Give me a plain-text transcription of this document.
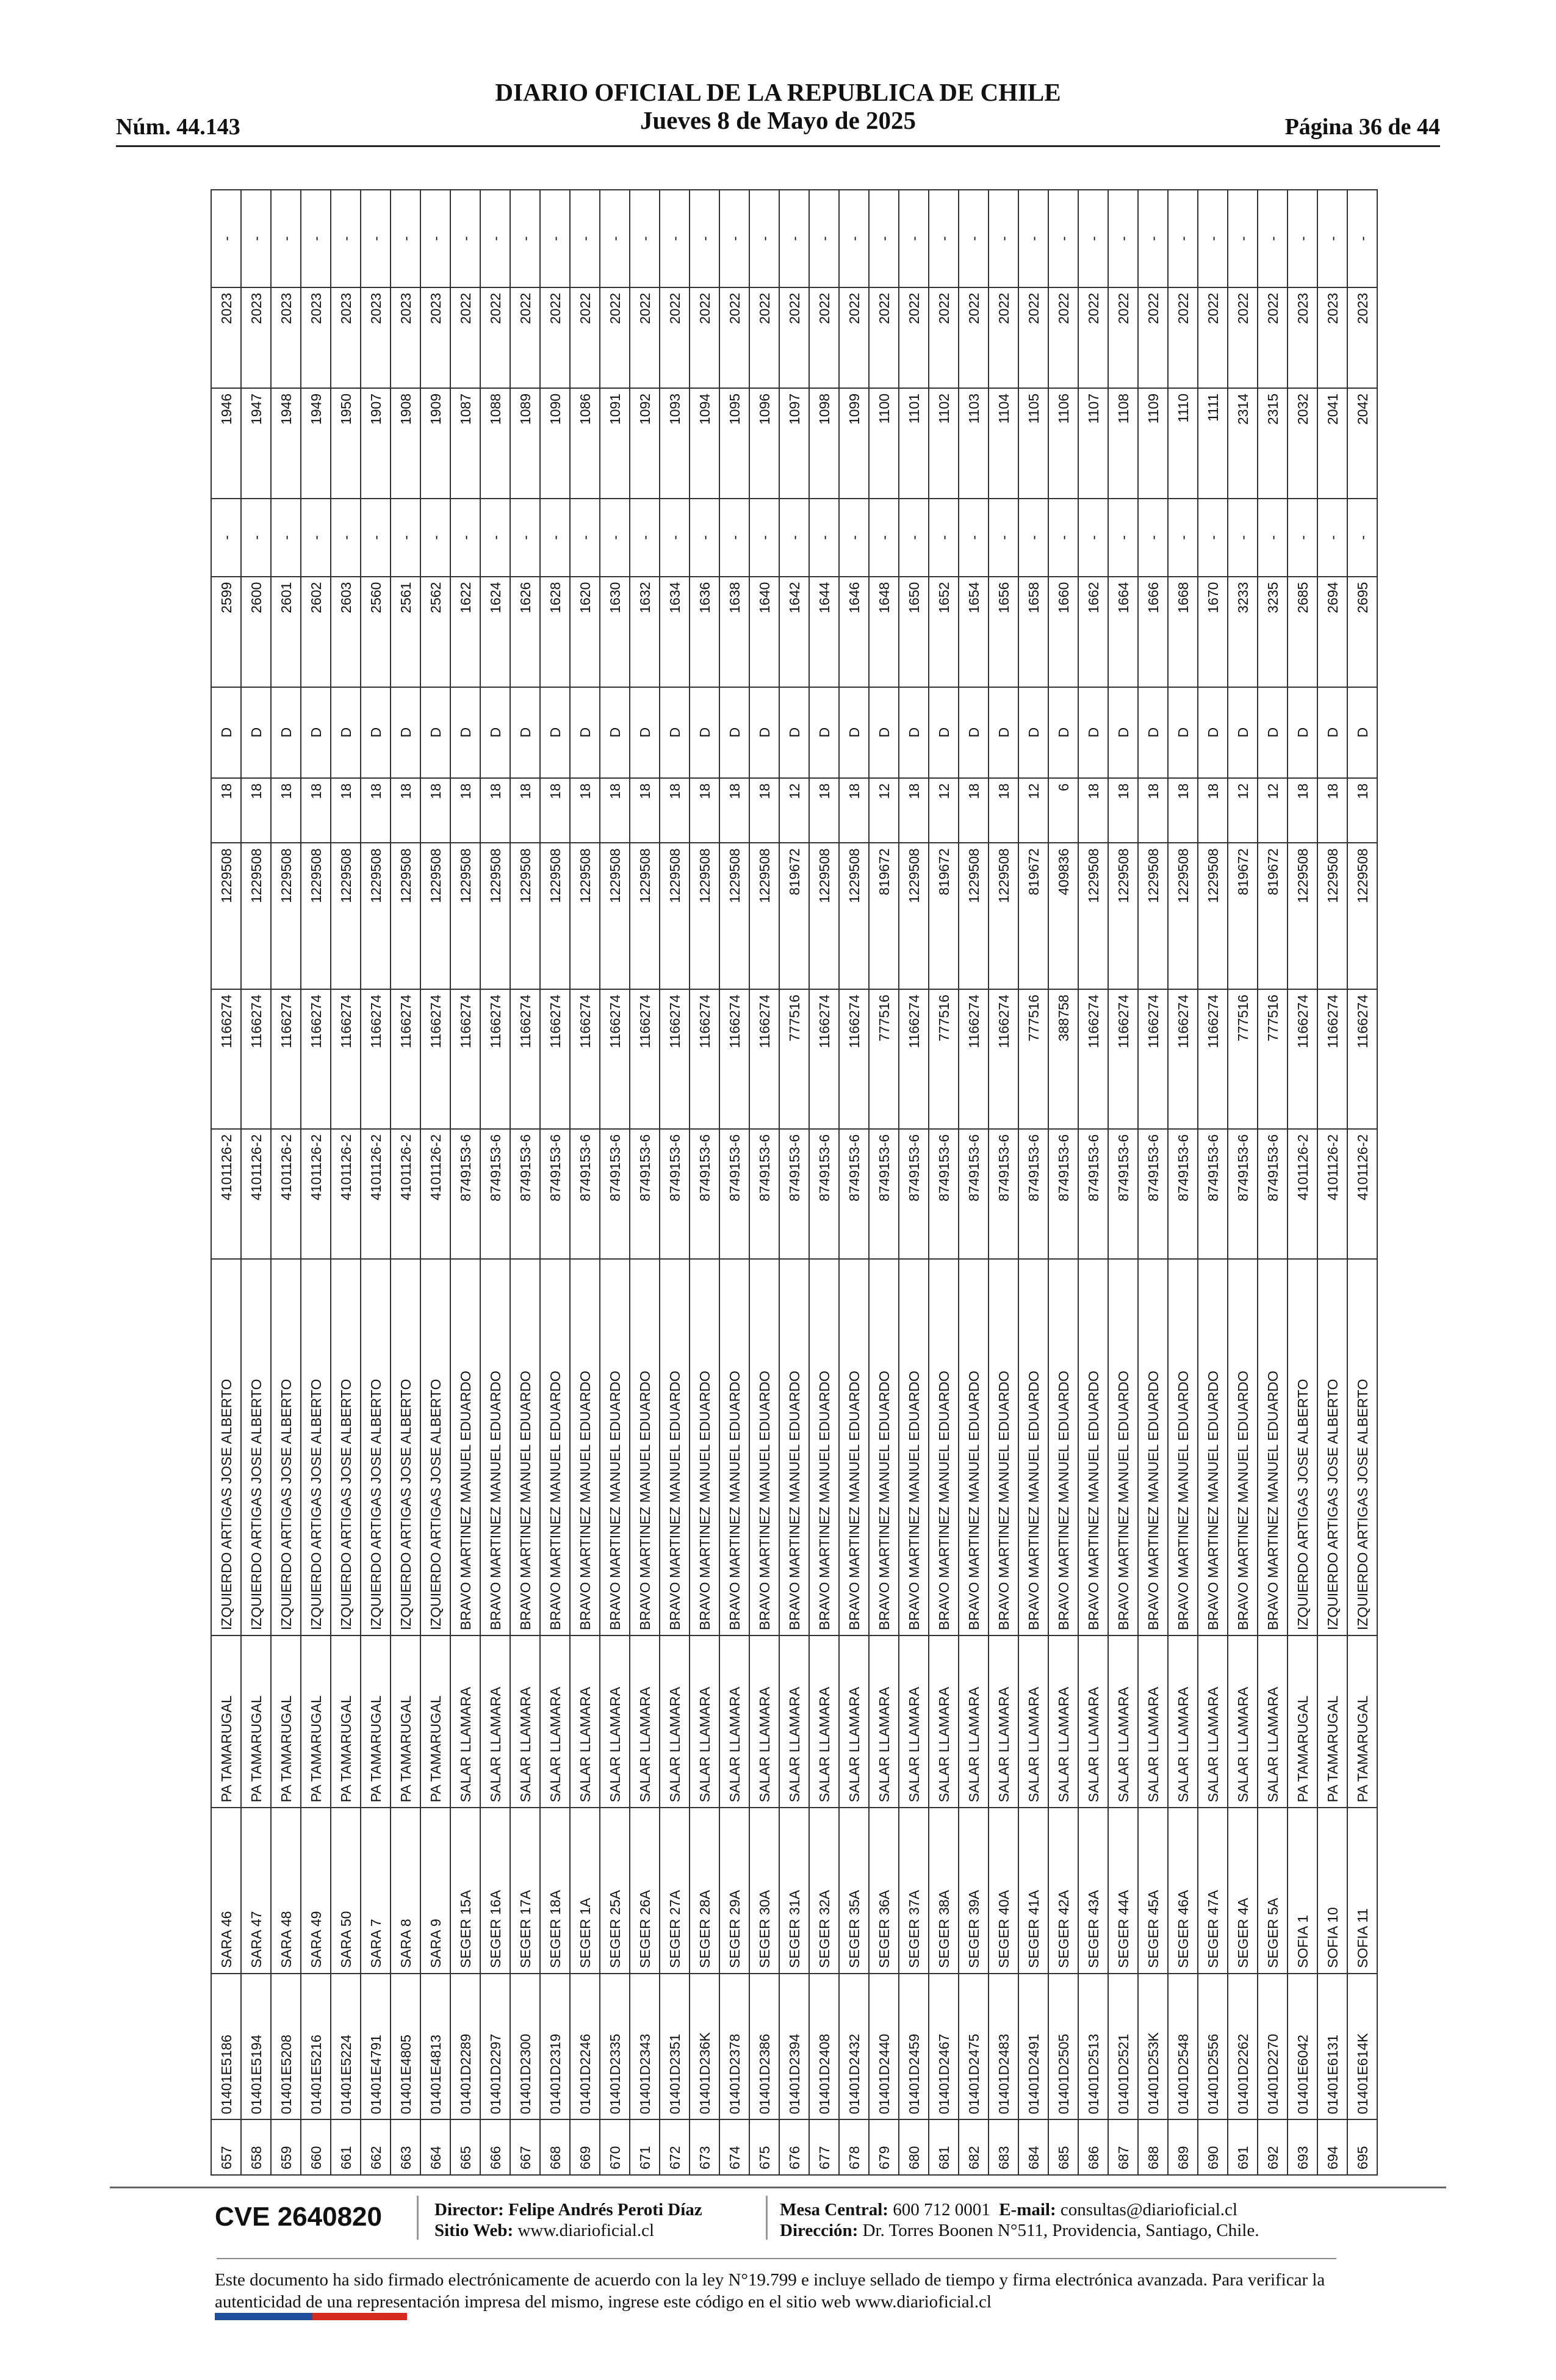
Núm. 44.143
DIARIO OFICIAL DE LA REPUBLICA DE CHILE
Jueves 8 de Mayo de 2025	Página 36 de 44
657	01401E5186	SARA 46	PA TAMARUGAL	IZQUIERDO ARTIGAS JOSE ALBERTO	4101126-2	1166274	1229508	18	D	2599	-	1946	2023	-
658	01401E5194	SARA 47	PA TAMARUGAL	IZQUIERDO ARTIGAS JOSE ALBERTO	4101126-2	1166274	1229508	18	D	2600	-	1947	2023	-
659	01401E5208	SARA 48	PA TAMARUGAL	IZQUIERDO ARTIGAS JOSE ALBERTO	4101126-2	1166274	1229508	18	D	2601	-	1948	2023	-
660	01401E5216	SARA 49	PA TAMARUGAL	IZQUIERDO ARTIGAS JOSE ALBERTO	4101126-2	1166274	1229508	18	D	2602	-	1949	2023	-
661	01401E5224	SARA 50	PA TAMARUGAL	IZQUIERDO ARTIGAS JOSE ALBERTO	4101126-2	1166274	1229508	18	D	2603	-	1950	2023	-
662	01401E4791	SARA 7	PA TAMARUGAL	IZQUIERDO ARTIGAS JOSE ALBERTO	4101126-2	1166274	1229508	18	D	2560	-	1907	2023	-
663	01401E4805	SARA 8	PA TAMARUGAL	IZQUIERDO ARTIGAS JOSE ALBERTO	4101126-2	1166274	1229508	18	D	2561	-	1908	2023	-
664	01401E4813	SARA 9	PA TAMARUGAL	IZQUIERDO ARTIGAS JOSE ALBERTO	4101126-2	1166274	1229508	18	D	2562	-	1909	2023	-
665	01401D2289	SEGER 15A	SALAR LLAMARA	BRAVO MARTINEZ MANUEL EDUARDO	8749153-6	1166274	1229508	18	D	1622	-	1087	2022	-
666	01401D2297	SEGER 16A	SALAR LLAMARA	BRAVO MARTINEZ MANUEL EDUARDO	8749153-6	1166274	1229508	18	D	1624	-	1088	2022	-
667	01401D2300	SEGER 17A	SALAR LLAMARA	BRAVO MARTINEZ MANUEL EDUARDO	8749153-6	1166274	1229508	18	D	1626	-	1089	2022	-
668	01401D2319	SEGER 18A	SALAR LLAMARA	BRAVO MARTINEZ MANUEL EDUARDO	8749153-6	1166274	1229508	18	D	1628	-	1090	2022	-
669	01401D2246	SEGER 1A	SALAR LLAMARA	BRAVO MARTINEZ MANUEL EDUARDO	8749153-6	1166274	1229508	18	D	1620	-	1086	2022	-
670	01401D2335	SEGER 25A	SALAR LLAMARA	BRAVO MARTINEZ MANUEL EDUARDO	8749153-6	1166274	1229508	18	D	1630	-	1091	2022	-
671	01401D2343	SEGER 26A	SALAR LLAMARA	BRAVO MARTINEZ MANUEL EDUARDO	8749153-6	1166274	1229508	18	D	1632	-	1092	2022	-
672	01401D2351	SEGER 27A	SALAR LLAMARA	BRAVO MARTINEZ MANUEL EDUARDO	8749153-6	1166274	1229508	18	D	1634	-	1093	2022	-
673	01401D236K	SEGER 28A	SALAR LLAMARA	BRAVO MARTINEZ MANUEL EDUARDO	8749153-6	1166274	1229508	18	D	1636	-	1094	2022	-
674	01401D2378	SEGER 29A	SALAR LLAMARA	BRAVO MARTINEZ MANUEL EDUARDO	8749153-6	1166274	1229508	18	D	1638	-	1095	2022	-
675	01401D2386	SEGER 30A	SALAR LLAMARA	BRAVO MARTINEZ MANUEL EDUARDO	8749153-6	1166274	1229508	18	D	1640	-	1096	2022	-
676	01401D2394	SEGER 31A	SALAR LLAMARA	BRAVO MARTINEZ MANUEL EDUARDO	8749153-6	777516	819672	12	D	1642	-	1097	2022	-
677	01401D2408	SEGER 32A	SALAR LLAMARA	BRAVO MARTINEZ MANUEL EDUARDO	8749153-6	1166274	1229508	18	D	1644	-	1098	2022	-
678	01401D2432	SEGER 35A	SALAR LLAMARA	BRAVO MARTINEZ MANUEL EDUARDO	8749153-6	1166274	1229508	18	D	1646	-	1099	2022	-
679	01401D2440	SEGER 36A	SALAR LLAMARA	BRAVO MARTINEZ MANUEL EDUARDO	8749153-6	777516	819672	12	D	1648	-	1100	2022	-
680	01401D2459	SEGER 37A	SALAR LLAMARA	BRAVO MARTINEZ MANUEL EDUARDO	8749153-6	1166274	1229508	18	D	1650	-	1101	2022	-
681	01401D2467	SEGER 38A	SALAR LLAMARA	BRAVO MARTINEZ MANUEL EDUARDO	8749153-6	777516	819672	12	D	1652	-	1102	2022	-
682	01401D2475	SEGER 39A	SALAR LLAMARA	BRAVO MARTINEZ MANUEL EDUARDO	8749153-6	1166274	1229508	18	D	1654	-	1103	2022	-
683	01401D2483	SEGER 40A	SALAR LLAMARA	BRAVO MARTINEZ MANUEL EDUARDO	8749153-6	1166274	1229508	18	D	1656	-	1104	2022	-
684	01401D2491	SEGER 41A	SALAR LLAMARA	BRAVO MARTINEZ MANUEL EDUARDO	8749153-6	777516	819672	12	D	1658	-	1105	2022	-
685	01401D2505	SEGER 42A	SALAR LLAMARA	BRAVO MARTINEZ MANUEL EDUARDO	8749153-6	388758	409836	6	D	1660	-	1106	2022	-
686	01401D2513	SEGER 43A	SALAR LLAMARA	BRAVO MARTINEZ MANUEL EDUARDO	8749153-6	1166274	1229508	18	D	1662	-	1107	2022	-
687	01401D2521	SEGER 44A	SALAR LLAMARA	BRAVO MARTINEZ MANUEL EDUARDO	8749153-6	1166274	1229508	18	D	1664	-	1108	2022	-
688	01401D253K	SEGER 45A	SALAR LLAMARA	BRAVO MARTINEZ MANUEL EDUARDO	8749153-6	1166274	1229508	18	D	1666	-	1109	2022	-
689	01401D2548	SEGER 46A	SALAR LLAMARA	BRAVO MARTINEZ MANUEL EDUARDO	8749153-6	1166274	1229508	18	D	1668	-	1110	2022	-
690	01401D2556	SEGER 47A	SALAR LLAMARA	BRAVO MARTINEZ MANUEL EDUARDO	8749153-6	1166274	1229508	18	D	1670	-	1111	2022	-
691	01401D2262	SEGER 4A	SALAR LLAMARA	BRAVO MARTINEZ MANUEL EDUARDO	8749153-6	777516	819672	12	D	3233	-	2314	2022	-
692	01401D2270	SEGER 5A	SALAR LLAMARA	BRAVO MARTINEZ MANUEL EDUARDO	8749153-6	777516	819672	12	D	3235	-	2315	2022	-
693	01401E6042	SOFIA 1	PA TAMARUGAL	IZQUIERDO ARTIGAS JOSE ALBERTO	4101126-2	1166274	1229508	18	D	2685	-	2032	2023	-
694	01401E6131	SOFIA 10	PA TAMARUGAL	IZQUIERDO ARTIGAS JOSE ALBERTO	4101126-2	1166274	1229508	18	D	2694	-	2041	2023	-
695	01401E614K	SOFIA 11	PA TAMARUGAL	IZQUIERDO ARTIGAS JOSE ALBERTO	4101126-2	1166274	1229508	18	D	2695	-	2042	2023	-
CVE 2640820	Director: Felipe Andrés Peroti Díaz
Sitio Web: www.diarioficial.cl
Mesa Central: 600 712 0001 E-mail: consultas@diarioficial.cl
Dirección: Dr. Torres Boonen N°511, Providencia, Santiago, Chile.
Este documento ha sido firmado electrónicamente de acuerdo con la ley N°19.799 e incluye sellado de tiempo y firma electrónica avanzada. Para verificar la autenticidad de una representación impresa del mismo, ingrese este código en el sitio web www.diarioficial.cl
